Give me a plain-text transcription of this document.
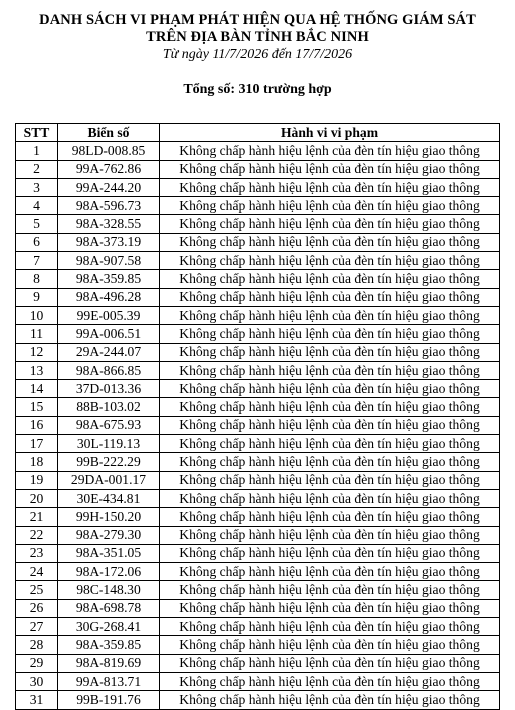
DANH SÁCH VI PHẠM PHÁT HIỆN QUA HỆ THỐNG GIÁM SÁT
TRÊN ĐỊA BÀN TỈNH BẮC NINH
Từ ngày 11/7/2026 đến 17/7/2026
Tổng số: 310 trường hợp
STT	Biển số	Hành vi vi phạm
1	98LD-008.85	Không chấp hành hiệu lệnh của đèn tín hiệu giao thông
2	99A-762.86	Không chấp hành hiệu lệnh của đèn tín hiệu giao thông
3	99A-244.20	Không chấp hành hiệu lệnh của đèn tín hiệu giao thông
4	98A-596.73	Không chấp hành hiệu lệnh của đèn tín hiệu giao thông
5	98A-328.55	Không chấp hành hiệu lệnh của đèn tín hiệu giao thông
6	98A-373.19	Không chấp hành hiệu lệnh của đèn tín hiệu giao thông
7	98A-907.58	Không chấp hành hiệu lệnh của đèn tín hiệu giao thông
8	98A-359.85	Không chấp hành hiệu lệnh của đèn tín hiệu giao thông
9	98A-496.28	Không chấp hành hiệu lệnh của đèn tín hiệu giao thông
10	99E-005.39	Không chấp hành hiệu lệnh của đèn tín hiệu giao thông
11	99A-006.51	Không chấp hành hiệu lệnh của đèn tín hiệu giao thông
12	29A-244.07	Không chấp hành hiệu lệnh của đèn tín hiệu giao thông
13	98A-866.85	Không chấp hành hiệu lệnh của đèn tín hiệu giao thông
14	37D-013.36	Không chấp hành hiệu lệnh của đèn tín hiệu giao thông
15	88B-103.02	Không chấp hành hiệu lệnh của đèn tín hiệu giao thông
16	98A-675.93	Không chấp hành hiệu lệnh của đèn tín hiệu giao thông
17	30L-119.13	Không chấp hành hiệu lệnh của đèn tín hiệu giao thông
18	99B-222.29	Không chấp hành hiệu lệnh của đèn tín hiệu giao thông
19	29DA-001.17	Không chấp hành hiệu lệnh của đèn tín hiệu giao thông
20	30E-434.81	Không chấp hành hiệu lệnh của đèn tín hiệu giao thông
21	99H-150.20	Không chấp hành hiệu lệnh của đèn tín hiệu giao thông
22	98A-279.30	Không chấp hành hiệu lệnh của đèn tín hiệu giao thông
23	98A-351.05	Không chấp hành hiệu lệnh của đèn tín hiệu giao thông
24	98A-172.06	Không chấp hành hiệu lệnh của đèn tín hiệu giao thông
25	98C-148.30	Không chấp hành hiệu lệnh của đèn tín hiệu giao thông
26	98A-698.78	Không chấp hành hiệu lệnh của đèn tín hiệu giao thông
27	30G-268.41	Không chấp hành hiệu lệnh của đèn tín hiệu giao thông
28	98A-359.85	Không chấp hành hiệu lệnh của đèn tín hiệu giao thông
29	98A-819.69	Không chấp hành hiệu lệnh của đèn tín hiệu giao thông
30	99A-813.71	Không chấp hành hiệu lệnh của đèn tín hiệu giao thông
31	99B-191.76	Không chấp hành hiệu lệnh của đèn tín hiệu giao thông
